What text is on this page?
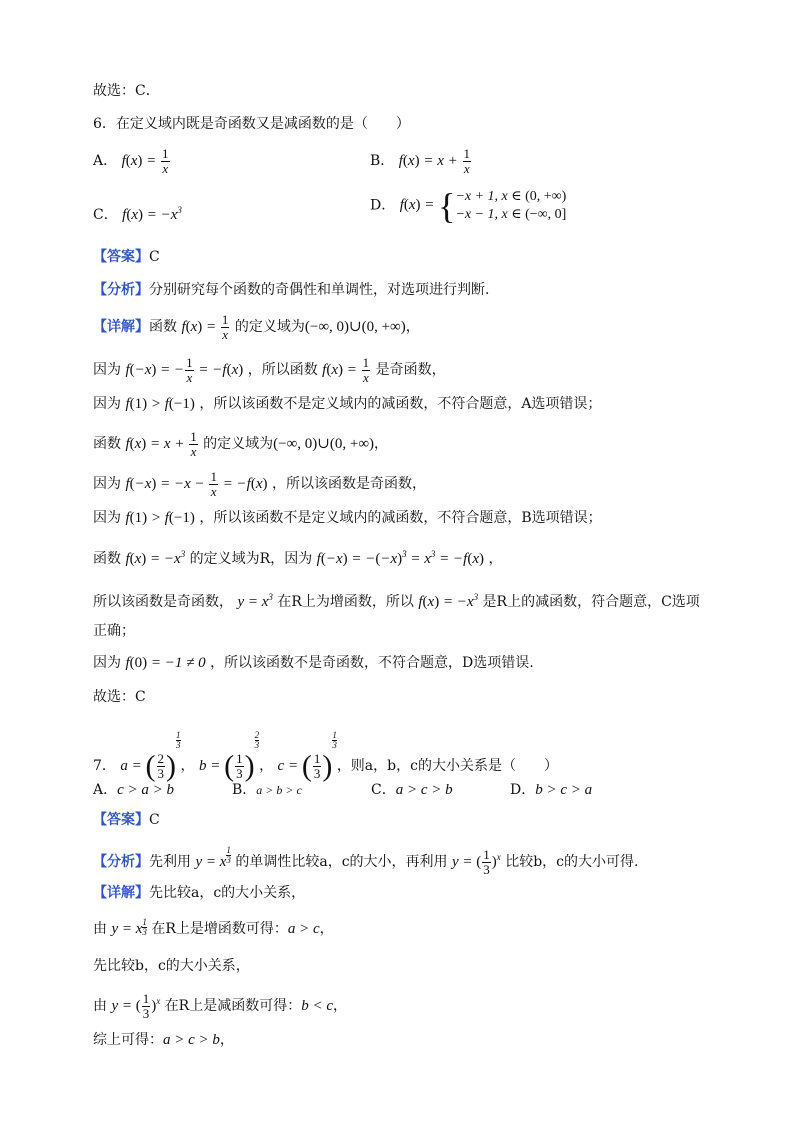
故选：C．
6．在定义域内既是奇函数又是减函数的是（　　）
A． $f(x) = \frac{1}{x}$	B． $f(x) = x + \frac{1}{x}$
C． $f(x) = -x^3$	D． f(x) = { −x + 1, x ∈ (0, +∞)
−x − 1, x ∈ (−∞, 0]
【答案】C
【分析】分别研究每个函数的奇偶性和单调性，对选项进行判断.
【详解】函数 $f(x) = \frac{1}{x}$ 的定义域为(−∞, 0)∪(0, +∞)，
因为 f(−x) = − $\frac{1}{x} = -f(x)$ ，所以函数 $f(x) = \frac{1}{x}$ 是奇函数，
因为 f(1) > f(−1) ，所以该函数不是定义域内的减函数，不符合题意，A选项错误；
函数 $f(x) = x + \frac{1}{x}$ 的定义域为(−∞, 0)∪(0, +∞)，
因为 $f(-x) = -x - \frac{1}{x} = -f(x)$ ，所以该函数是奇函数，
因为 f(1) > f(−1) ，所以该函数不是定义域内的减函数，不符合题意，B选项错误；
函数 $f(x) = -x^3$ 的定义域为R，因为 $f(-x) = -(-x)^3 = x^3 = -f(x)$ ，
所以该函数是奇函数， $y = x^3$ 在R上为增函数，所以 $f(x) = -x^3$ 是R上的减函数，符合题意，C选项
正确；
因为 f(0) = −1 ≠ 0 ，所以该函数不是奇函数，不符合题意，D选项错误.
故选：C
7． a = ( $\frac{2}{3}$ )
$\frac{1}{3}$
， b = ( $\frac{1}{3}$ )
$\frac{2}{3}$
， c = ( $\frac{1}{3}$ )
$\frac{1}{3}$
，则a，b，c的大小关系是（　　）
A．c > a > b	B．a > b > c	C．a > c > b	D．b > c > a
【答案】C
【分析】先利用 y = x $\frac{1}{3}$ 的单调性比较a，c的大小，再利用 y = ( $\frac{1}{3} )^x$ 比较b，c的大小可得.
【详解】先比较a，c的大小关系，
由 y = x $\frac{1}{3}$ 在R上是增函数可得：a > c，
先比较b，c的大小关系，
由 y = ( $\frac{1}{3} )^x$ 在R上是减函数可得：b < c，
综上可得：a > c > b，
